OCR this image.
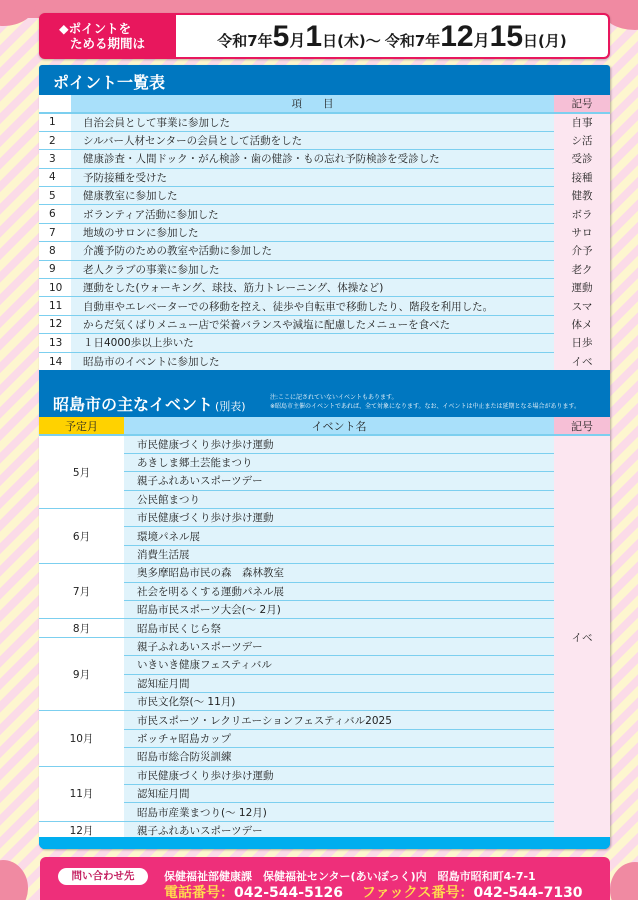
◆ポイントを
ためる期間は	令和7年 5 月 1 日 (木) ～ 令和7年 12 月 15 日 (月)
ポイント一覧表
	項　　目	記号
1	自治会員として事業に参加した	自事
2	シルバー人材センターの会員として活動をした	シ活
3	健康診査・人間ドック・がん検診・歯の健診・もの忘れ予防検診を受診した	受診
4	予防接種を受けた	接種
5	健康教室に参加した	健教
6	ボランティア活動に参加した	ボラ
7	地域のサロンに参加した	サロ
8	介護予防のための教室や活動に参加した	介予
9	老人クラブの事業に参加した	老ク
10	運動をした(ウォーキング、球技、筋力トレーニング、体操など)	運動
11	自動車やエレベーターでの移動を控え、徒歩や自転車で移動したり、階段を利用した。	スマ
12	からだ気くばりメニュー店で栄養バランスや減塩に配慮したメニューを食べた	体メ
13	１日4000歩以上歩いた	日歩
14	昭島市のイベントに参加した	イベ
昭島市の主なイベント (別表)
注:ここに記されていないイベントもあります。
※昭島市主催のイベントであれば、全て対象になります。なお、イベントは中止または延期となる場合があります。
予定月	イベント名	記号
5月	市民健康づくり歩け歩け運動	イベ
	あきしま郷土芸能まつり	
	親子ふれあいスポーツデー	
	公民館まつり	
6月	市民健康づくり歩け歩け運動	
	環境パネル展	
	消費生活展	
7月	奥多摩昭島市民の森　森林教室	
	社会を明るくする運動パネル展	
	昭島市民スポーツ大会(～ 2月)	
8月	昭島市民くじら祭	
9月	親子ふれあいスポーツデー	
	いきいき健康フェスティバル	
	認知症月間	
	市民文化祭(～ 11月)	
10月	市民スポーツ・レクリエーションフェスティバル2025	
	ボッチャ昭島カップ	
	昭島市総合防災訓練	
11月	市民健康づくり歩け歩け運動	
	認知症月間	
	昭島市産業まつり(～ 12月)	
12月	親子ふれあいスポーツデー	
問い合わせ先	保健福祉部健康課　保健福祉センター(あいぽっく)内　昭島市昭和町4-7-1
電話番号：042-544-5126 ファックス番号：042-544-7130
